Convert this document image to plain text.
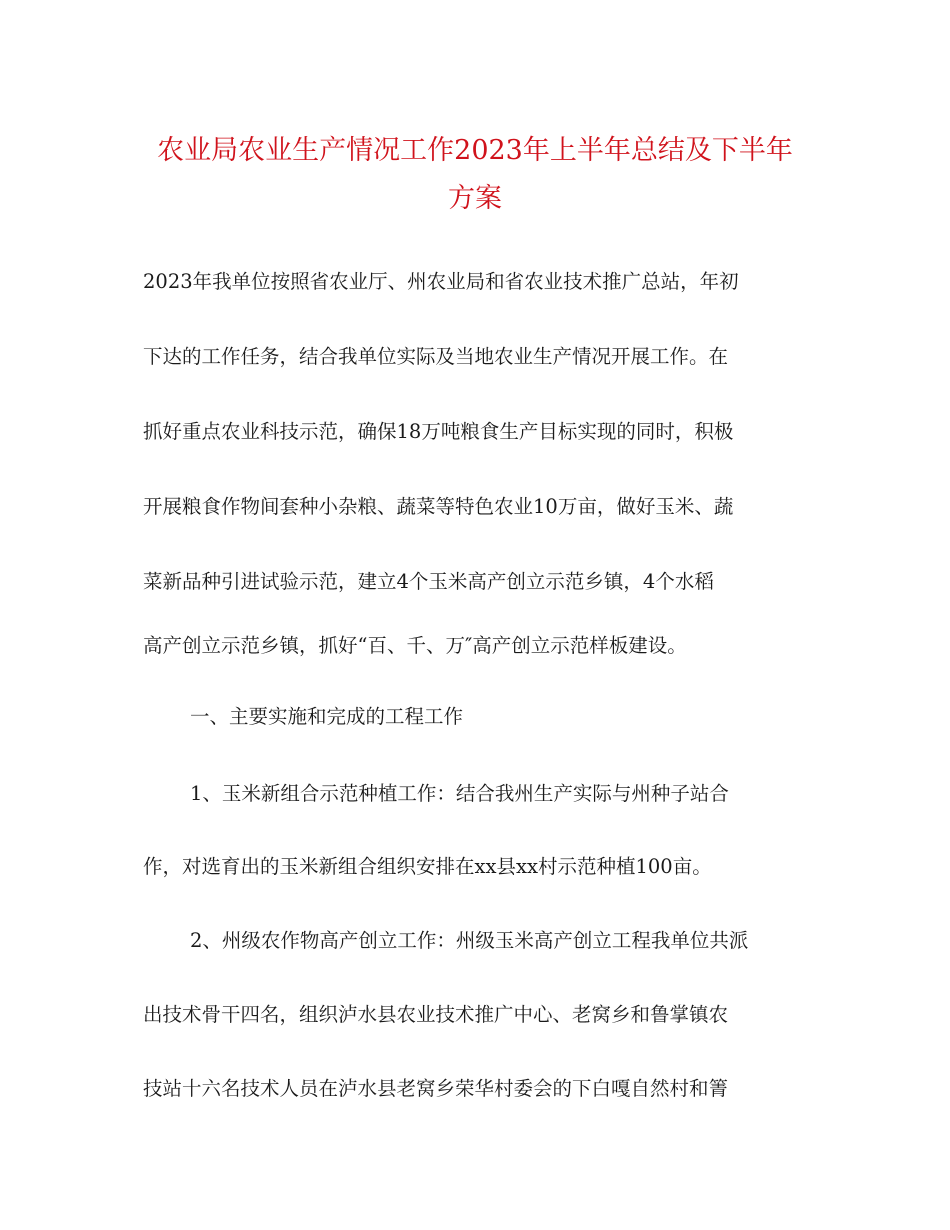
农业局农业生产情况工作2023年上半年总结及下半年
方案

2023年我单位按照省农业厅、州农业局和省农业技术推广总站，年初

下达的工作任务，结合我单位实际及当地农业生产情况开展工作。在

抓好重点农业科技示范，确保18万吨粮食生产目标实现的同时，积极

开展粮食作物间套种小杂粮、蔬菜等特色农业10万亩，做好玉米、蔬

菜新品种引进试验示范，建立4个玉米高产创立示范乡镇，4个水稻

高产创立示范乡镇，抓好“百、千、万″高产创立示范样板建设。

一、主要实施和完成的工程工作

1、玉米新组合示范种植工作：结合我州生产实际与州种子站合

作，对选育出的玉米新组合组织安排在xx县xx村示范种植100亩。

2、州级农作物高产创立工作：州级玉米高产创立工程我单位共派

出技术骨干四名，组织泸水县农业技术推广中心、老窝乡和鲁掌镇农

技站十六名技术人员在泸水县老窝乡荣华村委会的下白嘎自然村和箐
